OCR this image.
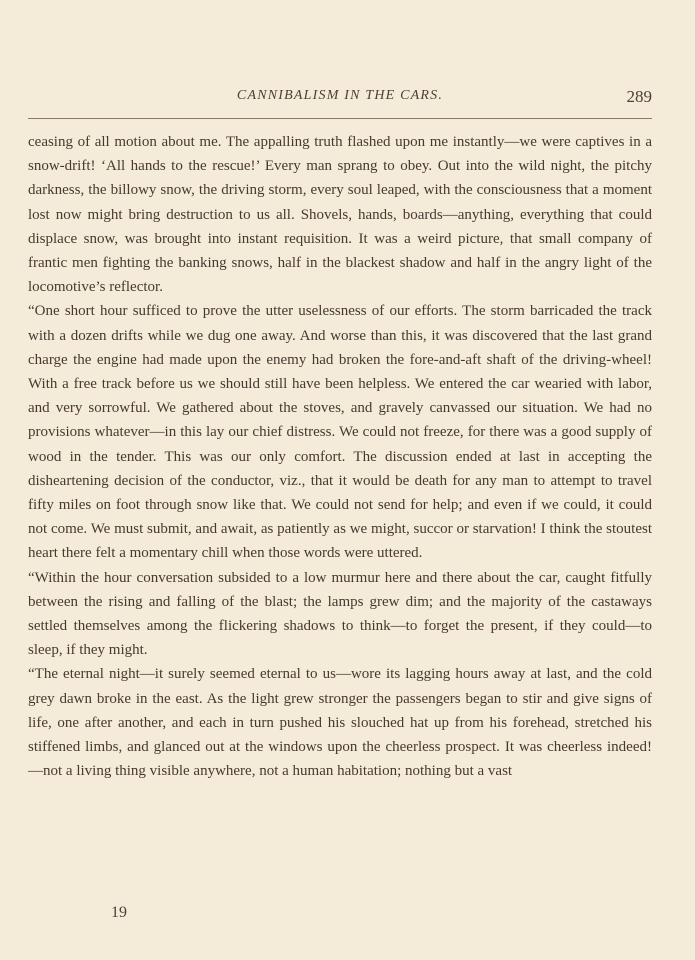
CANNIBALISM IN THE CARS.	289

ceasing of all motion about me. The appalling truth flashed upon me instantly—we were captives in a snow-drift! ‘All hands to the rescue!’ Every man sprang to obey. Out into the wild night, the pitchy darkness, the billowy snow, the driving storm, every soul leaped, with the consciousness that a moment lost now might bring destruction to us all. Shovels, hands, boards—anything, everything that could displace snow, was brought into instant requisition. It was a weird picture, that small company of frantic men fighting the banking snows, half in the blackest shadow and half in the angry light of the locomotive’s reflector.

“One short hour sufficed to prove the utter uselessness of our efforts. The storm barricaded the track with a dozen drifts while we dug one away. And worse than this, it was discovered that the last grand charge the engine had made upon the enemy had broken the fore-and-aft shaft of the driving-wheel! With a free track before us we should still have been helpless. We entered the car wearied with labor, and very sorrowful. We gathered about the stoves, and gravely canvassed our situation. We had no provisions whatever—in this lay our chief distress. We could not freeze, for there was a good supply of wood in the tender. This was our only comfort. The discussion ended at last in accepting the disheartening decision of the conductor, viz., that it would be death for any man to attempt to travel fifty miles on foot through snow like that. We could not send for help; and even if we could, it could not come. We must submit, and await, as patiently as we might, succor or starvation! I think the stoutest heart there felt a momentary chill when those words were uttered.

“Within the hour conversation subsided to a low murmur here and there about the car, caught fitfully between the rising and falling of the blast; the lamps grew dim; and the majority of the castaways settled themselves among the flickering shadows to think—to forget the present, if they could—to sleep, if they might.

“The eternal night—it surely seemed eternal to us—wore its lagging hours away at last, and the cold grey dawn broke in the east. As the light grew stronger the passengers began to stir and give signs of life, one after another, and each in turn pushed his slouched hat up from his forehead, stretched his stiffened limbs, and glanced out at the windows upon the cheerless prospect. It was cheerless indeed! —not a living thing visible anywhere, not a human habitation; nothing but a vast

19
